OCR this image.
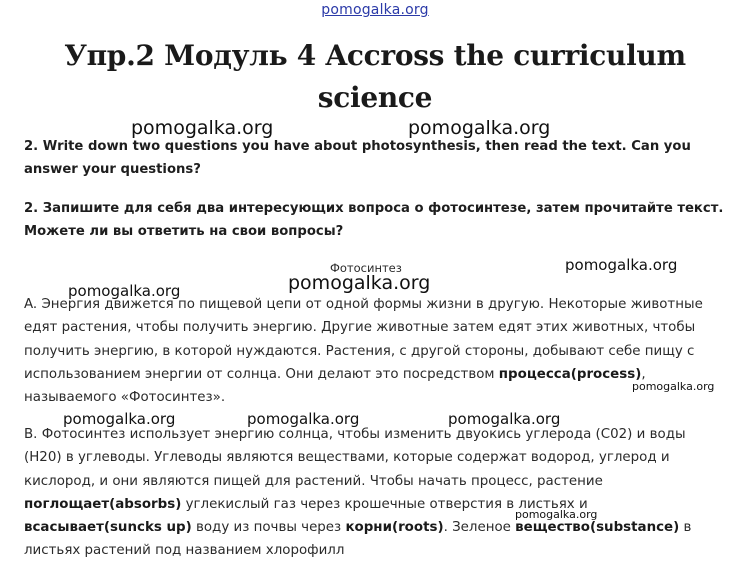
pomogalka.org
Упр.2 Модуль 4 Accross the curriculum
science
pomogalka.org	pomogalka.org
2. Write down two questions you have about photosynthesis, then read the text. Can you answer your questions?
2. Запишите для себя два интересующих вопроса о фотосинтезе, затем прочитайте текст. Можете ли вы ответить на свои вопросы?
Фотосинтез	pomogalka.org
pomogalka.org
pomogalka.org
A. Энергия движется по пищевой цепи от одной формы жизни в другую. Некоторые животные едят растения, чтобы получить энергию. Другие животные затем едят этих животных, чтобы получить энергию, в которой нуждаются. Растения, с другой стороны, добывают себе пищу с использованием энергии от солнца. Они делают это посредством процесса(process), называемого «Фотосинтез».
pomogalka.org
pomogalka.org	pomogalka.org	pomogalka.org
B. Фотосинтез использует энергию солнца, чтобы изменить двуокись углерода (С02) и воды (Н20) в углеводы. Углеводы являются веществами, которые содержат водород, углерод и кислород, и они являются пищей для растений. Чтобы начать процесс, растение поглощает(absorbs) углекислый газ через крошечные отверстия в листьях и всасывает(suncks up) воду из почвы через корни(roots). Зеленое вещество(substance) в листьях растений под названием хлорофилл
pomogalka.org
